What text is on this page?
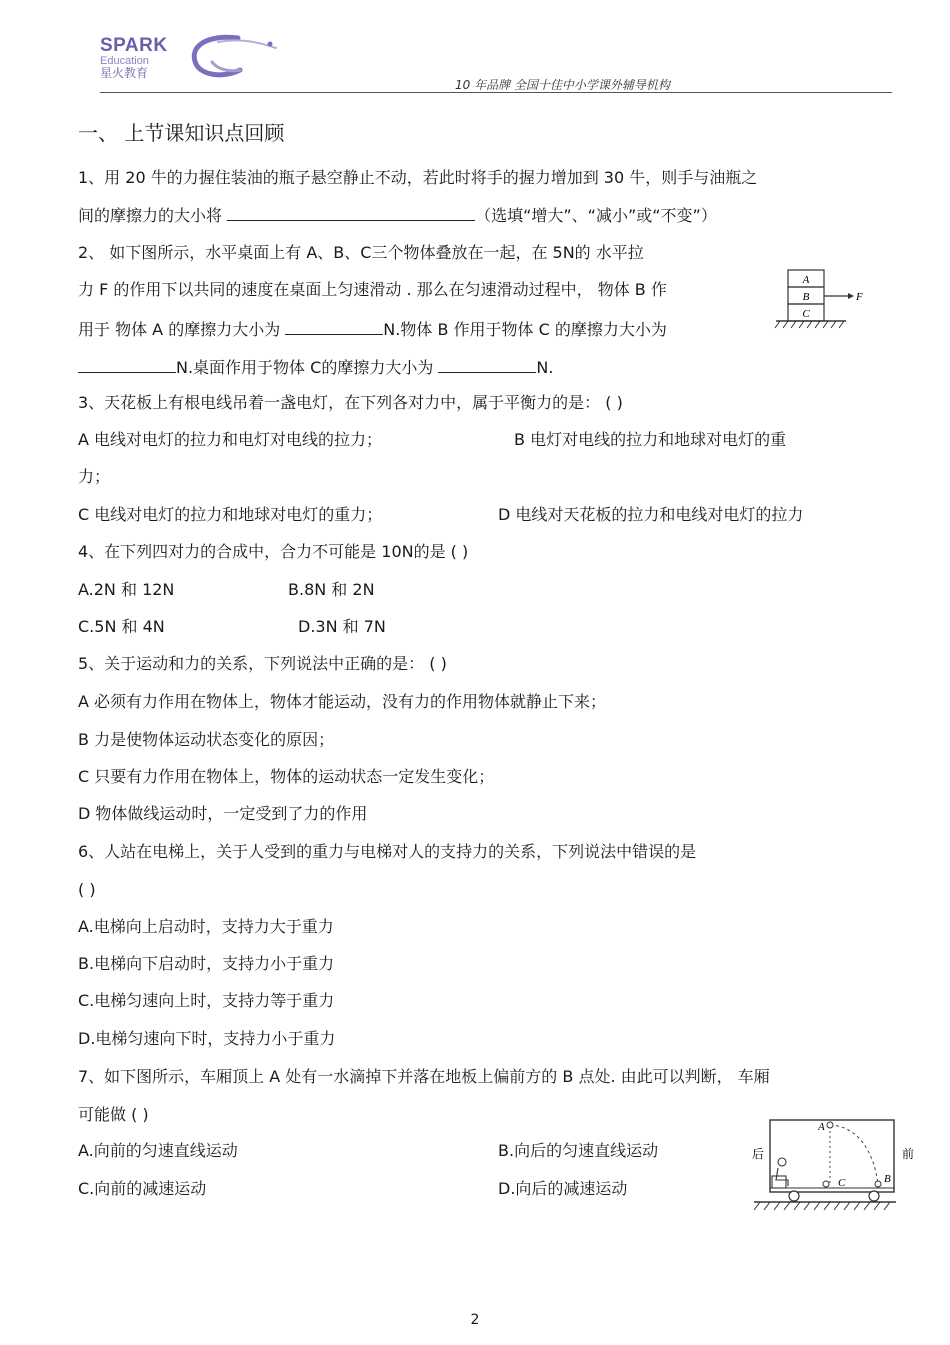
SPARK
Education
星火教育
10 年品牌 全国十佳中小学课外辅导机构
一、 上节课知识点回顾
1、用 20 牛的力握住装油的瓶子悬空静止不动，若此时将手的握力增加到 30 牛，则手与油瓶之
间的摩擦力的大小将	（选填“增大”、“减小”或“不变”）
2、 如下图所示，水平桌面上有 A、B、C三个物体叠放在一起，在 5N的 水平拉
力 F 的作用下以共同的速度在桌面上匀速滑动 . 那么在匀速滑动过程中， 物体 B 作
用于 物体 A 的摩擦力大小为	N.物体 B 作用于物体 C 的摩擦力大小为
N.桌面作用于物体 C的摩擦力大小为	N.
A
B
C
F
3、天花板上有根电线吊着一盏电灯，在下列各对力中，属于平衡力的是： ( )
A 电线对电灯的拉力和电灯对电线的拉力；	B 电灯对电线的拉力和地球对电灯的重
力；
C 电线对电灯的拉力和地球对电灯的重力；	D 电线对天花板的拉力和电线对电灯的拉力
4、在下列四对力的合成中，合力不可能是 10N的是 ( )
A.2N 和 12N	B.8N 和 2N
C.5N 和 4N	D.3N 和 7N
5、关于运动和力的关系，下列说法中正确的是： ( )
A 必须有力作用在物体上，物体才能运动，没有力的作用物体就静止下来；
B 力是使物体运动状态变化的原因；
C 只要有力作用在物体上，物体的运动状态一定发生变化；
D 物体做线运动时，一定受到了力的作用
6、人站在电梯上，关于人受到的重力与电梯对人的支持力的关系，下列说法中错误的是
( )
A.电梯向上启动时，支持力大于重力
B.电梯向下启动时，支持力小于重力
C.电梯匀速向上时，支持力等于重力
D.电梯匀速向下时，支持力小于重力
7、如下图所示，车厢顶上 A 处有一水滴掉下并落在地板上偏前方的 B 点处. 由此可以判断， 车厢
可能做 ( )
A.向前的匀速直线运动	B.向后的匀速直线运动
C.向前的减速运动	D.向后的减速运动
后	前
A
C	B
2
